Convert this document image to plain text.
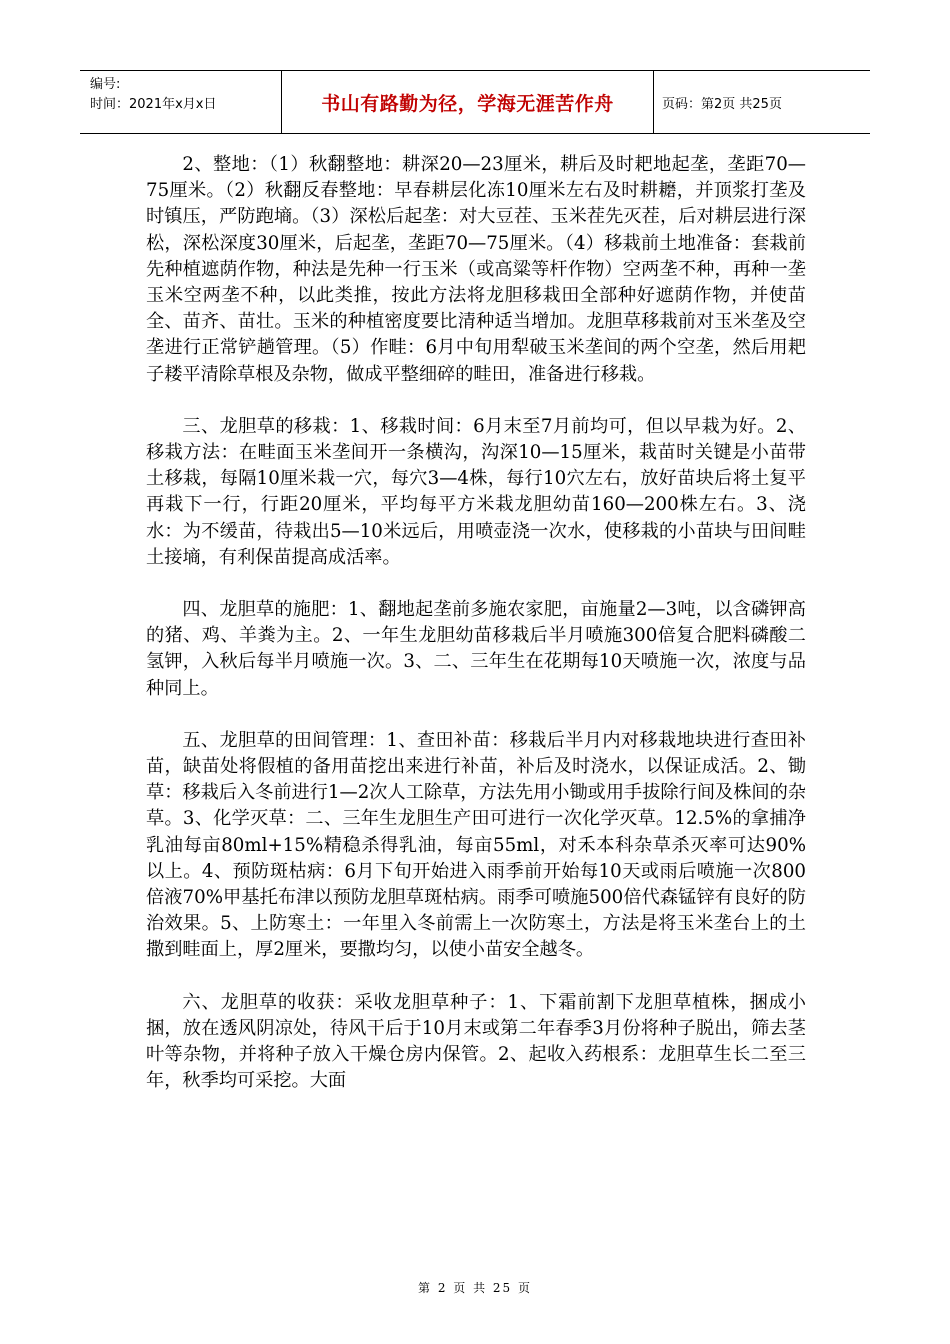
编号:
时间：2021年x月x日	书山有路勤为径，学海无涯苦作舟	页码：第2页 共25页

2、整地：（1）秋翻整地：耕深20—23厘米，耕后及时耙地起垄，垄距70—75厘米。（2）秋翻反春整地：早春耕层化冻10厘米左右及时耕耱，并顶浆打垄及时镇压，严防跑墒。（3）深松后起垄：对大豆茬、玉米茬先灭茬，后对耕层进行深松，深松深度30厘米，后起垄，垄距70—75厘米。（4）移栽前土地准备：套栽前先种植遮荫作物，种法是先种一行玉米（或高粱等杆作物）空两垄不种，再种一垄玉米空两垄不种，以此类推，按此方法将龙胆移栽田全部种好遮荫作物，并使苗全、苗齐、苗壮。玉米的种植密度要比清种适当增加。龙胆草移栽前对玉米垄及空垄进行正常铲趟管理。（5）作畦：6月中旬用犁破玉米垄间的两个空垄，然后用耙子耧平清除草根及杂物，做成平整细碎的畦田，准备进行移栽。

三、龙胆草的移栽：1、移栽时间：6月末至7月前均可，但以早栽为好。2、移栽方法：在畦面玉米垄间开一条横沟，沟深10—15厘米，栽苗时关键是小苗带土移栽，每隔10厘米栽一穴，每穴3—4株，每行10穴左右，放好苗块后将土复平再栽下一行，行距20厘米，平均每平方米栽龙胆幼苗160—200株左右。3、浇水：为不缓苗，待栽出5—10米远后，用喷壶浇一次水，使移栽的小苗块与田间畦土接墒，有利保苗提高成活率。

四、龙胆草的施肥：1、翻地起垄前多施农家肥，亩施量2—3吨，以含磷钾高的猪、鸡、羊粪为主。2、一年生龙胆幼苗移栽后半月喷施300倍复合肥料磷酸二氢钾，入秋后每半月喷施一次。3、二、三年生在花期每10天喷施一次，浓度与品种同上。

五、龙胆草的田间管理：1、查田补苗：移栽后半月内对移栽地块进行查田补苗，缺苗处将假植的备用苗挖出来进行补苗，补后及时浇水，以保证成活。2、锄草：移栽后入冬前进行1—2次人工除草，方法先用小锄或用手拔除行间及株间的杂草。3、化学灭草：二、三年生龙胆生产田可进行一次化学灭草。12.5%的拿捕净乳油每亩80ml+15%精稳杀得乳油，每亩55ml，对禾本科杂草杀灭率可达90%以上。4、预防斑枯病：6月下旬开始进入雨季前开始每10天或雨后喷施一次800倍液70%甲基托布津以预防龙胆草斑枯病。雨季可喷施500倍代森锰锌有良好的防治效果。5、上防寒土：一年里入冬前需上一次防寒土，方法是将玉米垄台上的土撒到畦面上，厚2厘米，要撒均匀，以使小苗安全越冬。

六、龙胆草的收获：采收龙胆草种子：1、下霜前割下龙胆草植株，捆成小捆，放在透风阴凉处，待风干后于10月末或第二年春季3月份将种子脱出，筛去茎叶等杂物，并将种子放入干燥仓房内保管。2、起收入药根系：龙胆草生长二至三年，秋季均可采挖。大面

第 2 页 共 25 页
